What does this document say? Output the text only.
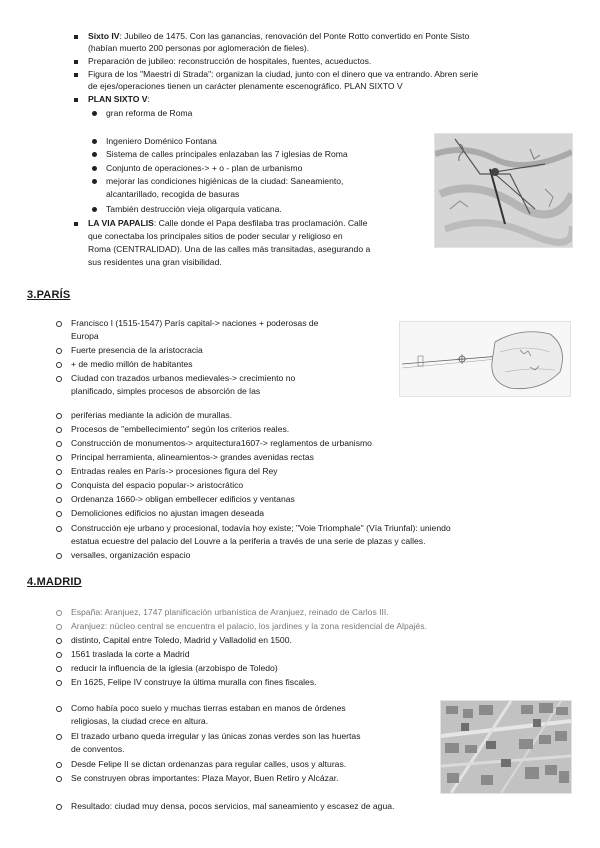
Sixto IV: Jubileo de 1475. Con las ganancias, renovación del Ponte Rotto convertido en Ponte Sisto
(habían muerto 200 personas por aglomeración de fieles).
Preparación de jubileo: reconstrucción de hospitales, fuentes, acueductos.
Figura de los "Maestri di Strada": organizan la ciudad, junto con el dinero que va entrando. Abren serie
de ejes/operaciones tienen un carácter plenamente escenográfico. PLAN SIXTO V
PLAN SIXTO V:
gran reforma de Roma
Ingeniero Doménico Fontana
Sistema de calles principales enlazaban las 7 iglesias de Roma
Conjunto de operaciones-> + o - plan de urbanismo
mejorar las condiciones higiénicas de la ciudad: Saneamiento,
alcantarillado, recogida de basuras
También destrucción vieja oligarquía vaticana.
LA VIA PAPALIS: Calle donde el Papa desfilaba tras proclamación. Calle
que conectaba los principales sitios de poder secular y religioso en
Roma (CENTRALIDAD). Una de las calles más transitadas, asegurando a
sus residentes una gran visibilidad.
3.PARÍS
Francisco I (1515-1547) París capital-> naciones + poderosas de
Europa
Fuerte presencia de la aristocracia
+ de medio millón de habitantes
Ciudad con trazados urbanos medievales-> crecimiento no
planificado, simples procesos de absorción de las
periferias mediante la adición de murallas.
Procesos de "embellecimiento" según los criterios reales.
Construcción de monumentos-> arquitectura1607-> reglamentos de urbanismo
Principal herramienta, alineamientos-> grandes avenidas rectas
Entradas reales en París-> procesiones figura del Rey
Conquista del espacio popular-> aristocrático
Ordenanza 1660-> obligan embellecer edificios y ventanas
Demoliciones edificios no ajustan imagen deseada
Construcción eje urbano y procesional, todavía hoy existe; "Voie Triomphale" (Vía Triunfal): uniendo
estatua ecuestre del palacio del Louvre a la periferia a través de una serie de plazas y calles.
versalles, organización espacio
4.MADRID
España: Aranjuez, 1747 planificación urbanística de Aranjuez, reinado de Carlos III.
Aranjuez: núcleo central se encuentra el palacio, los jardines y la zona residencial de Alpajés.
distinto, Capital entre Toledo, Madrid y Valladolid en 1500.
1561 traslada la corte a Madrid
reducir la influencia de la iglesia (arzobispo de Toledo)
En 1625, Felipe IV construye la última muralla con fines fiscales.
Como había poco suelo y muchas tierras estaban en manos de órdenes
religiosas, la ciudad crece en altura.
El trazado urbano queda irregular y las únicas zonas verdes son las huertas
de conventos.
Desde Felipe II se dictan ordenanzas para regular calles, usos y alturas.
Se construyen obras importantes: Plaza Mayor, Buen Retiro y Alcázar.
Resultado: ciudad muy densa, pocos servicios, mal saneamiento y escasez de agua.
